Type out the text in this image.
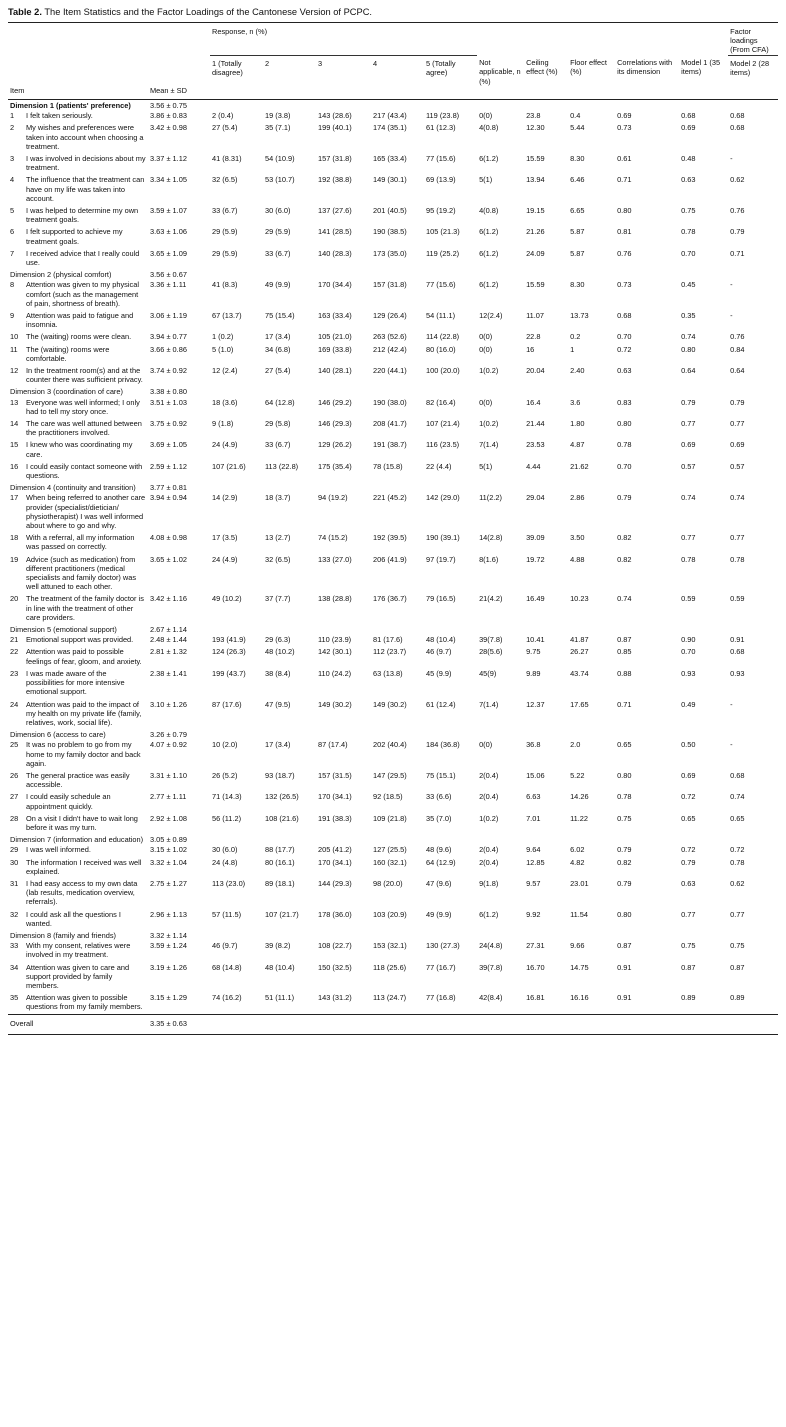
Table 2. The Item Statistics and the Factor Loadings of the Cantonese Version of PCPC.

			Response, n (%)										Factor loadings (From CFA)
			1 (Totally disagree)	2	3	4	5 (Totally agree)	Not applicable, n (%)	Ceiling effect (%)	Floor effect (%)	Correlations with its dimension	Model 1 (35 items)	Model 2 (28 items)
Item		Mean ± SD											
Dimension 1 (patients' preference)		3.56 ± 0.75											
1	I felt taken seriously.	3.86 ± 0.83	2 (0.4)	19 (3.8)	143 (28.6)	217 (43.4)	119 (23.8)	0(0)	23.8	0.4	0.69	0.68	0.68
2	My wishes and preferences were taken into account when choosing a treatment.	3.42 ± 0.98	27 (5.4)	35 (7.1)	199 (40.1)	174 (35.1)	61 (12.3)	4(0.8)	12.30	5.44	0.73	0.69	0.68
3	I was involved in decisions about my treatment.	3.37 ± 1.12	41 (8.31)	54 (10.9)	157 (31.8)	165 (33.4)	77 (15.6)	6(1.2)	15.59	8.30	0.61	0.48	-
4	The influence that the treatment can have on my life was taken into account.	3.34 ± 1.05	32 (6.5)	53 (10.7)	192 (38.8)	149 (30.1)	69 (13.9)	5(1)	13.94	6.46	0.71	0.63	0.62
5	I was helped to determine my own treatment goals.	3.59 ± 1.07	33 (6.7)	30 (6.0)	137 (27.6)	201 (40.5)	95 (19.2)	4(0.8)	19.15	6.65	0.80	0.75	0.76
6	I felt supported to achieve my treatment goals.	3.63 ± 1.06	29 (5.9)	29 (5.9)	141 (28.5)	190 (38.5)	105 (21.3)	6(1.2)	21.26	5.87	0.81	0.78	0.79
7	I received advice that I really could use.	3.65 ± 1.09	29 (5.9)	33 (6.7)	140 (28.3)	173 (35.0)	119 (25.2)	6(1.2)	24.09	5.87	0.76	0.70	0.71
Dimension 2 (physical comfort)		3.56 ± 0.67											
8	Attention was given to my physical comfort (such as the management of pain, shortness of breath).	3.36 ± 1.11	41 (8.3)	49 (9.9)	170 (34.4)	157 (31.8)	77 (15.6)	6(1.2)	15.59	8.30	0.73	0.45	-
9	Attention was paid to fatigue and insomnia.	3.06 ± 1.19	67 (13.7)	75 (15.4)	163 (33.4)	129 (26.4)	54 (11.1)	12(2.4)	11.07	13.73	0.68	0.35	-
10	The (waiting) rooms were clean.	3.94 ± 0.77	1 (0.2)	17 (3.4)	105 (21.0)	263 (52.6)	114 (22.8)	0(0)	22.8	0.2	0.70	0.74	0.76
11	The (waiting) rooms were comfortable.	3.66 ± 0.86	5 (1.0)	34 (6.8)	169 (33.8)	212 (42.4)	80 (16.0)	0(0)	16	1	0.72	0.80	0.84
12	In the treatment room(s) and at the counter there was sufficient privacy.	3.74 ± 0.92	12 (2.4)	27 (5.4)	140 (28.1)	220 (44.1)	100 (20.0)	1(0.2)	20.04	2.40	0.63	0.64	0.64
Dimension 3 (coordination of care)		3.38 ± 0.80											
13	Everyone was well informed; I only had to tell my story once.	3.51 ± 1.03	18 (3.6)	64 (12.8)	146 (29.2)	190 (38.0)	82 (16.4)	0(0)	16.4	3.6	0.83	0.79	0.79
14	The care was well attuned between the practitioners involved.	3.75 ± 0.92	9 (1.8)	29 (5.8)	146 (29.3)	208 (41.7)	107 (21.4)	1(0.2)	21.44	1.80	0.80	0.77	0.77
15	I knew who was coordinating my care.	3.69 ± 1.05	24 (4.9)	33 (6.7)	129 (26.2)	191 (38.7)	116 (23.5)	7(1.4)	23.53	4.87	0.78	0.69	0.69
16	I could easily contact someone with questions.	2.59 ± 1.12	107 (21.6)	113 (22.8)	175 (35.4)	78 (15.8)	22 (4.4)	5(1)	4.44	21.62	0.70	0.57	0.57
Dimension 4 (continuity and transition)		3.77 ± 0.81											
17	When being referred to another care provider (specialist/dietician/ physiotherapist) I was well informed about where to go and why.	3.94 ± 0.94	14 (2.9)	18 (3.7)	94 (19.2)	221 (45.2)	142 (29.0)	11(2.2)	29.04	2.86	0.79	0.74	0.74
18	With a referral, all my information was passed on correctly.	4.08 ± 0.98	17 (3.5)	13 (2.7)	74 (15.2)	192 (39.5)	190 (39.1)	14(2.8)	39.09	3.50	0.82	0.77	0.77
19	Advice (such as medication) from different practitioners (medical specialists and family doctor) was well attuned to each other.	3.65 ± 1.02	24 (4.9)	32 (6.5)	133 (27.0)	206 (41.9)	97 (19.7)	8(1.6)	19.72	4.88	0.82	0.78	0.78
20	The treatment of the family doctor is in line with the treatment of other care providers.	3.42 ± 1.16	49 (10.2)	37 (7.7)	138 (28.8)	176 (36.7)	79 (16.5)	21(4.2)	16.49	10.23	0.74	0.59	0.59
Dimension 5 (emotional support)		2.67 ± 1.14											
21	Emotional support was provided.	2.48 ± 1.44	193 (41.9)	29 (6.3)	110 (23.9)	81 (17.6)	48 (10.4)	39(7.8)	10.41	41.87	0.87	0.90	0.91
22	Attention was paid to possible feelings of fear, gloom, and anxiety.	2.81 ± 1.32	124 (26.3)	48 (10.2)	142 (30.1)	112 (23.7)	46 (9.7)	28(5.6)	9.75	26.27	0.85	0.70	0.68
23	I was made aware of the possibilities for more intensive emotional support.	2.38 ± 1.41	199 (43.7)	38 (8.4)	110 (24.2)	63 (13.8)	45 (9.9)	45(9)	9.89	43.74	0.88	0.93	0.93
24	Attention was paid to the impact of my health on my private life (family, relatives, work, social life).	3.10 ± 1.26	87 (17.6)	47 (9.5)	149 (30.2)	149 (30.2)	61 (12.4)	7(1.4)	12.37	17.65	0.71	0.49	-
Dimension 6 (access to care)		3.26 ± 0.79											
25	It was no problem to go from my home to my family doctor and back again.	4.07 ± 0.92	10 (2.0)	17 (3.4)	87 (17.4)	202 (40.4)	184 (36.8)	0(0)	36.8	2.0	0.65	0.50	-
26	The general practice was easily accessible.	3.31 ± 1.10	26 (5.2)	93 (18.7)	157 (31.5)	147 (29.5)	75 (15.1)	2(0.4)	15.06	5.22	0.80	0.69	0.68
27	I could easily schedule an appointment quickly.	2.77 ± 1.11	71 (14.3)	132 (26.5)	170 (34.1)	92 (18.5)	33 (6.6)	2(0.4)	6.63	14.26	0.78	0.72	0.74
28	On a visit I didn't have to wait long before it was my turn.	2.92 ± 1.08	56 (11.2)	108 (21.6)	191 (38.3)	109 (21.8)	35 (7.0)	1(0.2)	7.01	11.22	0.75	0.65	0.65
Dimension 7 (information and education)		3.05 ± 0.89											
29	I was well informed.	3.15 ± 1.02	30 (6.0)	88 (17.7)	205 (41.2)	127 (25.5)	48 (9.6)	2(0.4)	9.64	6.02	0.79	0.72	0.72
30	The information I received was well explained.	3.32 ± 1.04	24 (4.8)	80 (16.1)	170 (34.1)	160 (32.1)	64 (12.9)	2(0.4)	12.85	4.82	0.82	0.79	0.78
31	I had easy access to my own data (lab results, medication overview, referrals).	2.75 ± 1.27	113 (23.0)	89 (18.1)	144 (29.3)	98 (20.0)	47 (9.6)	9(1.8)	9.57	23.01	0.79	0.63	0.62
32	I could ask all the questions I wanted.	2.96 ± 1.13	57 (11.5)	107 (21.7)	178 (36.0)	103 (20.9)	49 (9.9)	6(1.2)	9.92	11.54	0.80	0.77	0.77
Dimension 8 (family and friends)		3.32 ± 1.14											
33	With my consent, relatives were involved in my treatment.	3.59 ± 1.24	46 (9.7)	39 (8.2)	108 (22.7)	153 (32.1)	130 (27.3)	24(4.8)	27.31	9.66	0.87	0.75	0.75
34	Attention was given to care and support provided by family members.	3.19 ± 1.26	68 (14.8)	48 (10.4)	150 (32.5)	118 (25.6)	77 (16.7)	39(7.8)	16.70	14.75	0.91	0.87	0.87
35	Attention was given to possible questions from my family members.	3.15 ± 1.29	74 (16.2)	51 (11.1)	143 (31.2)	113 (24.7)	77 (16.8)	42(8.4)	16.81	16.16	0.91	0.89	0.89
Overall		3.35 ± 0.63											
